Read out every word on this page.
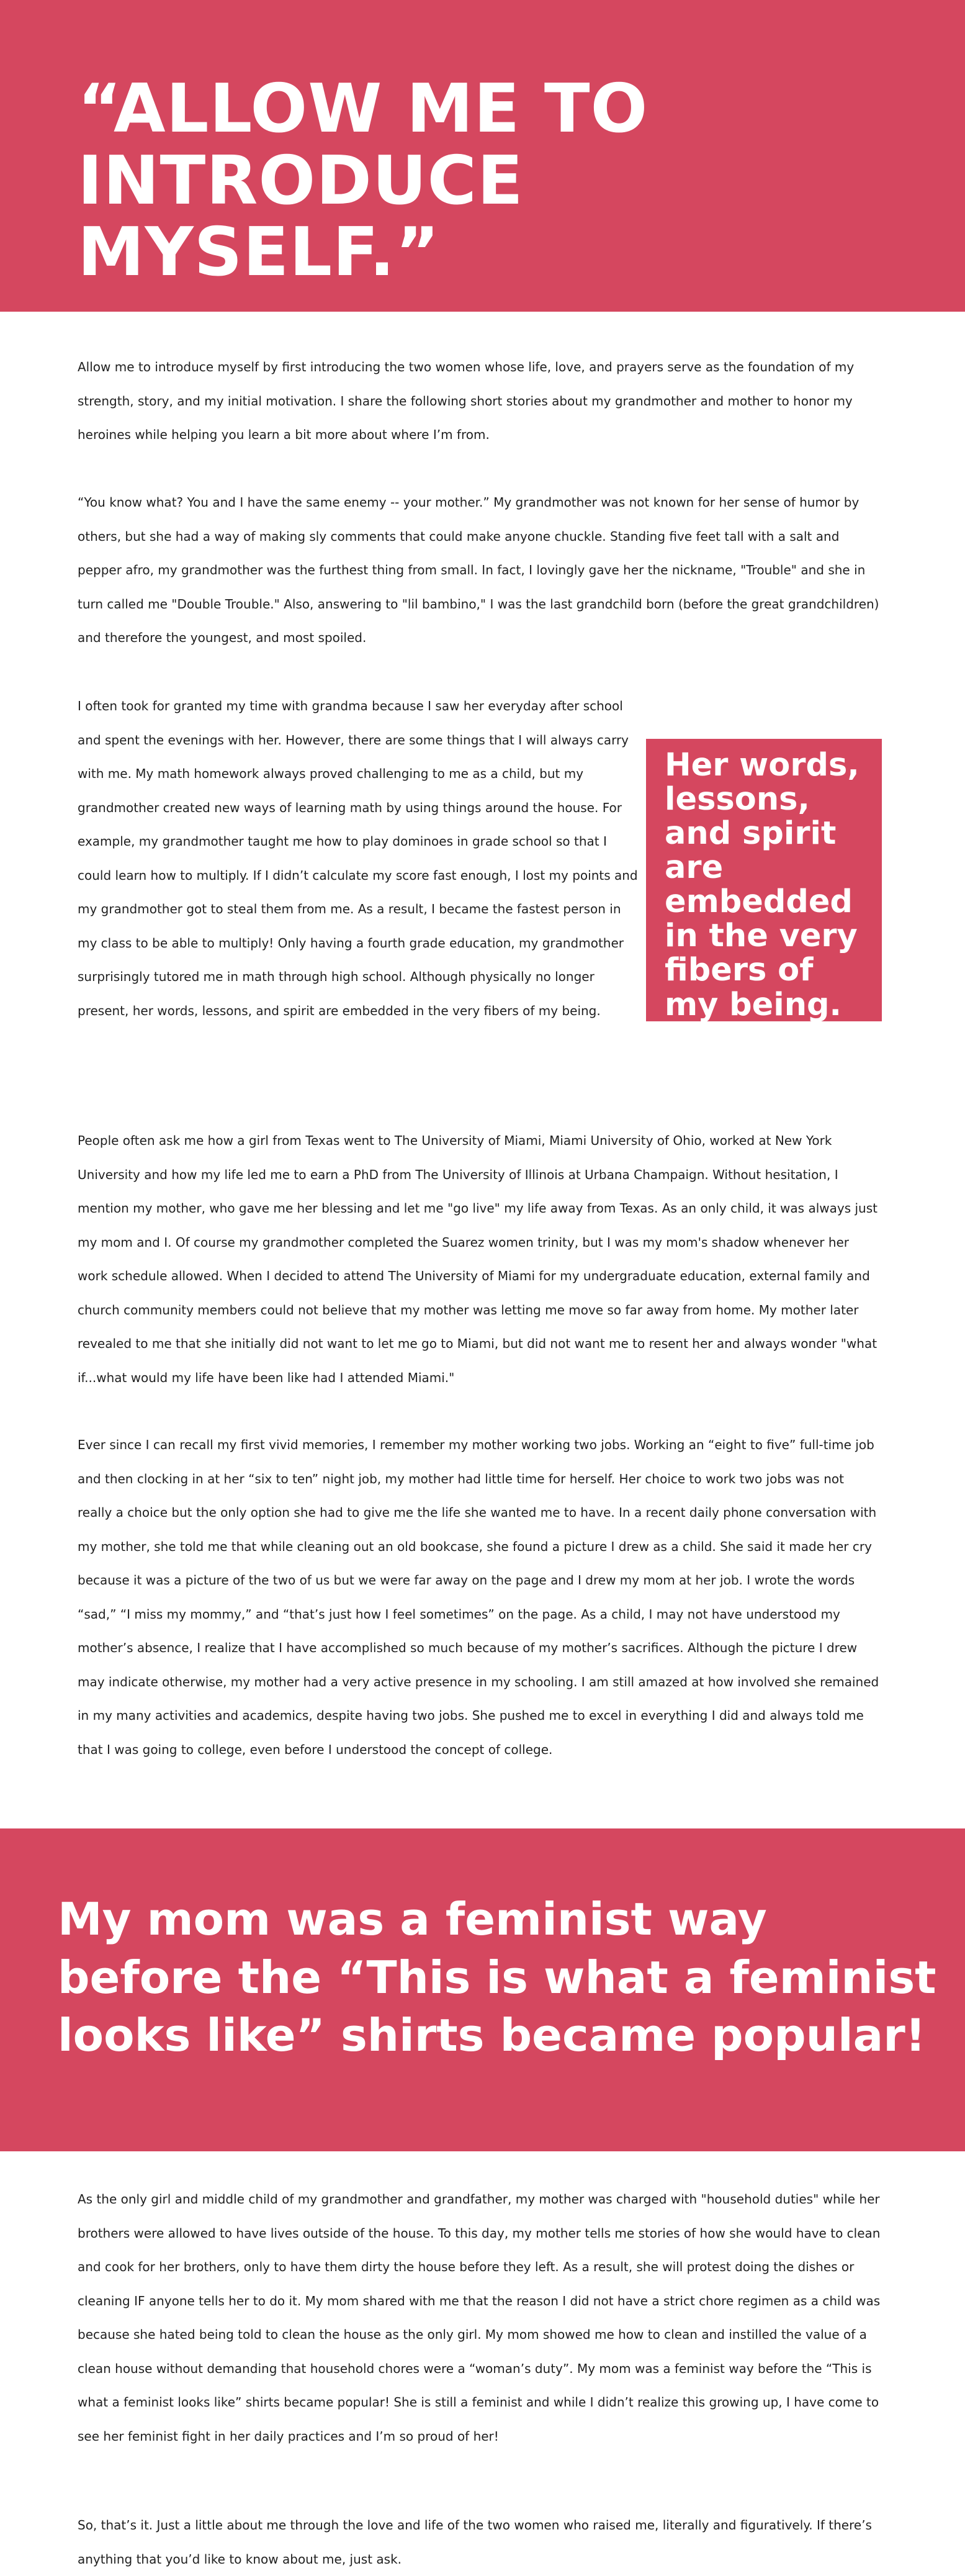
“ALLOW ME TO INTRODUCE MYSELF.”

Allow me to introduce myself by first introducing the two women whose life, love, and prayers serve as the foundation of my strength, story, and my initial motivation. I share the following short stories about my grandmother and mother to honor my heroines while helping you learn a bit more about where I’m from.

“You know what? You and I have the same enemy -- your mother.” My grandmother was not known for her sense of humor by others, but she had a way of making sly comments that could make anyone chuckle. Standing five feet tall with a salt and pepper afro, my grandmother was the furthest thing from small. In fact, I lovingly gave her the nickname, "Trouble" and she in turn called me "Double Trouble." Also, answering to "lil bambino," I was the last grandchild born (before the great grandchildren) and therefore the youngest, and most spoiled.

I often took for granted my time with grandma because I saw her everyday after school and spent the evenings with her. However, there are some things that I will always carry with me. My math homework always proved challenging to me as a child, but my grandmother created new ways of learning math by using things around the house. For example, my grandmother taught me how to play dominoes in grade school so that I could learn how to multiply. If I didn’t calculate my score fast enough, I lost my points and my grandmother got to steal them from me. As a result, I became the fastest person in my class to be able to multiply! Only having a fourth grade education, my grandmother surprisingly tutored me in math through high school. Although physically no longer present, her words, lessons, and spirit are embedded in the very fibers of my being.

Her words, lessons, and spirit are embedded in the very fibers of my being.

People often ask me how a girl from Texas went to The University of Miami, Miami University of Ohio, worked at New York University and how my life led me to earn a PhD from The University of Illinois at Urbana Champaign. Without hesitation, I mention my mother, who gave me her blessing and let me "go live" my life away from Texas. As an only child, it was always just my mom and I. Of course my grandmother completed the Suarez women trinity, but I was my mom's shadow whenever her work schedule allowed. When I decided to attend The University of Miami for my undergraduate education, external family and church community members could not believe that my mother was letting me move so far away from home. My mother later revealed to me that she initially did not want to let me go to Miami, but did not want me to resent her and always wonder "what if...what would my life have been like had I attended Miami."

Ever since I can recall my first vivid memories, I remember my mother working two jobs. Working an “eight to five” full-time job and then clocking in at her “six to ten” night job, my mother had little time for herself. Her choice to work two jobs was not really a choice but the only option she had to give me the life she wanted me to have. In a recent daily phone conversation with my mother, she told me that while cleaning out an old bookcase, she found a picture I drew as a child. She said it made her cry because it was a picture of the two of us but we were far away on the page and I drew my mom at her job. I wrote the words “sad,” “I miss my mommy,” and “that’s just how I feel sometimes” on the page. As a child, I may not have understood my mother’s absence, I realize that I have accomplished so much because of my mother’s sacrifices. Although the picture I drew may indicate otherwise, my mother had a very active presence in my schooling. I am still amazed at how involved she remained in my many activities and academics, despite having two jobs. She pushed me to excel in everything I did and always told me that I was going to college, even before I understood the concept of college.

My mom was a feminist way before the “This is what a feminist looks like” shirts became popular!

As the only girl and middle child of my grandmother and grandfather, my mother was charged with "household duties" while her brothers were allowed to have lives outside of the house. To this day, my mother tells me stories of how she would have to clean and cook for her brothers, only to have them dirty the house before they left. As a result, she will protest doing the dishes or cleaning IF anyone tells her to do it. My mom shared with me that the reason I did not have a strict chore regimen as a child was because she hated being told to clean the house as the only girl. My mom showed me how to clean and instilled the value of a clean house without demanding that household chores were a “woman’s duty”. My mom was a feminist way before the “This is what a feminist looks like” shirts became popular! She is still a feminist and while I didn’t realize this growing up, I have come to see her feminist fight in her daily practices and I’m so proud of her!

So, that’s it. Just a little about me through the love and life of the two women who raised me, literally and figuratively. If there’s anything that you’d like to know about me, just ask.
